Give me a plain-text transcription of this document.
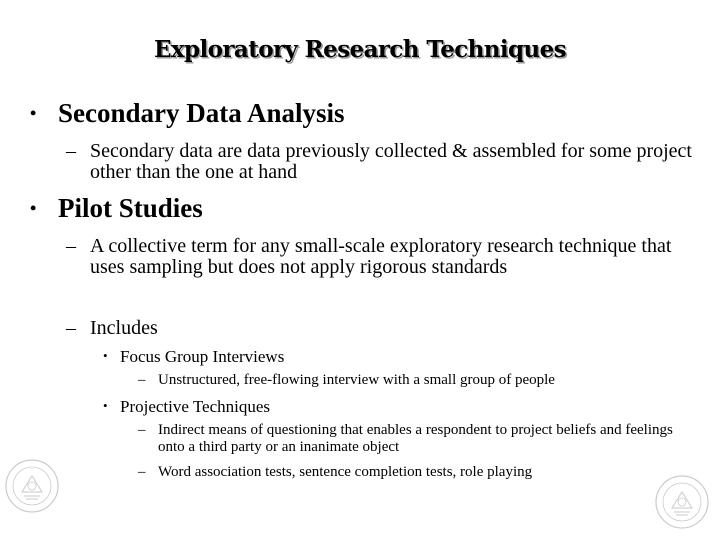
Exploratory Research Techniques
• Secondary Data Analysis
– Secondary data are data previously collected & assembled for some project other than the one at hand
• Pilot Studies
– A collective term for any small-scale exploratory research technique that uses sampling but does not apply rigorous standards
– Includes
• Focus Group Interviews
– Unstructured, free-flowing interview with a small group of people
• Projective Techniques
– Indirect means of questioning that enables a respondent to project beliefs and feelings onto a third party or an inanimate object
– Word association tests, sentence completion tests, role playing
